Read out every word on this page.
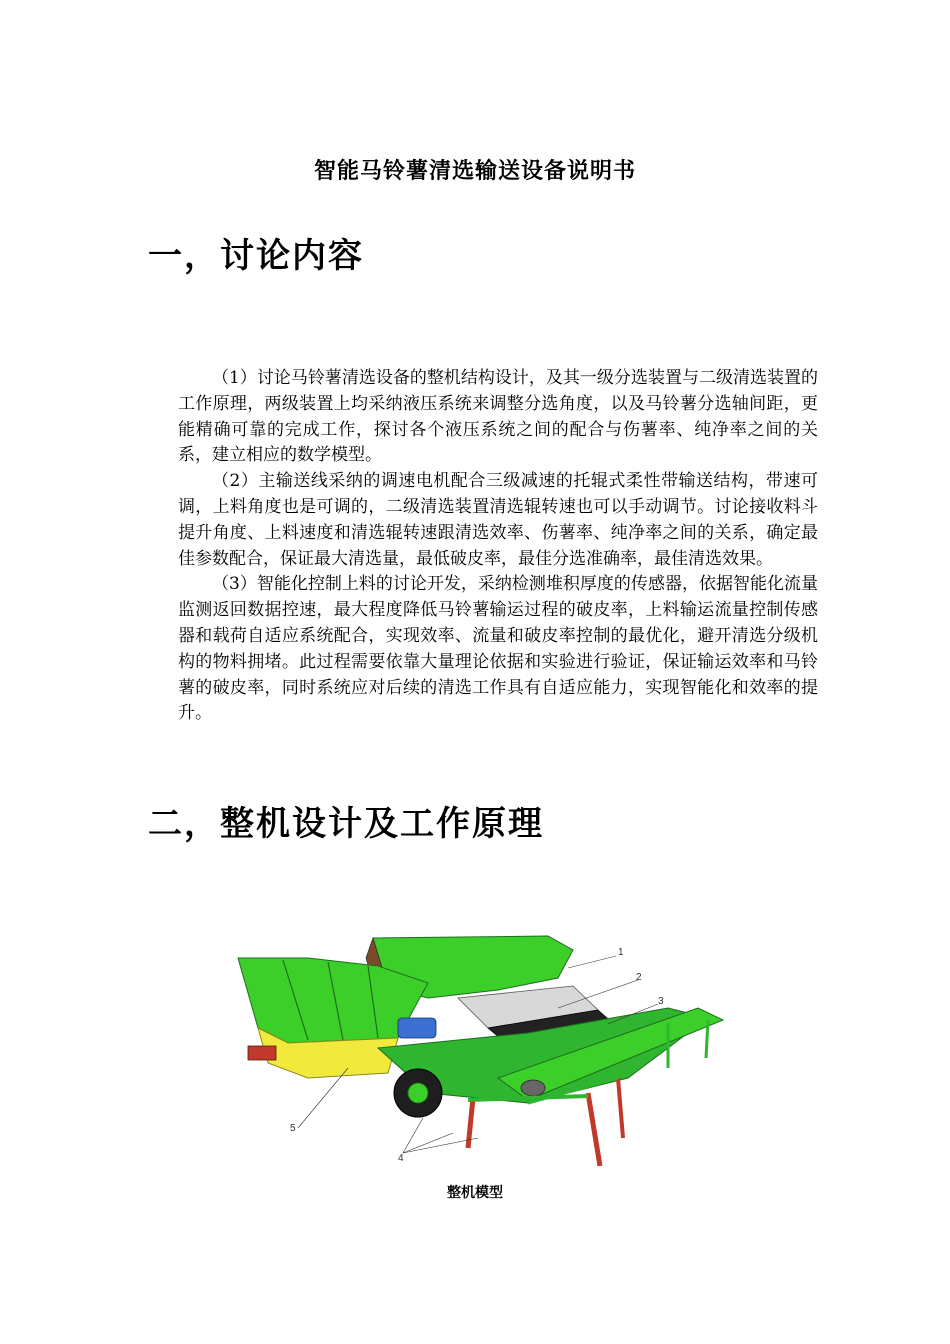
智能马铃薯清选输送设备说明书
一，讨论内容

（1）讨论马铃薯清选设备的整机结构设计，及其一级分选装置与二级清选装置的工作原理，两级装置上均采纳液压系统来调整分选角度，以及马铃薯分选轴间距，更能精确可靠的完成工作，探讨各个液压系统之间的配合与伤薯率、纯净率之间的关系，建立相应的数学模型。

（2）主输送线采纳的调速电机配合三级减速的托辊式柔性带输送结构，带速可调，上料角度也是可调的，二级清选装置清选辊转速也可以手动调节。讨论接收料斗提升角度、上料速度和清选辊转速跟清选效率、伤薯率、纯净率之间的关系，确定最佳参数配合，保证最大清选量，最低破皮率，最佳分选准确率，最佳清选效果。

（3）智能化控制上料的讨论开发，采纳检测堆积厚度的传感器，依据智能化流量监测返回数据控速，最大程度降低马铃薯输运过程的破皮率，上料输运流量控制传感器和载荷自适应系统配合，实现效率、流量和破皮率控制的最优化，避开清选分级机构的物料拥堵。此过程需要依靠大量理论依据和实验进行验证，保证输运效率和马铃薯的破皮率，同时系统应对后续的清选工作具有自适应能力，实现智能化和效率的提升。

二，整机设计及工作原理
1
2
3
4
5
整机模型
